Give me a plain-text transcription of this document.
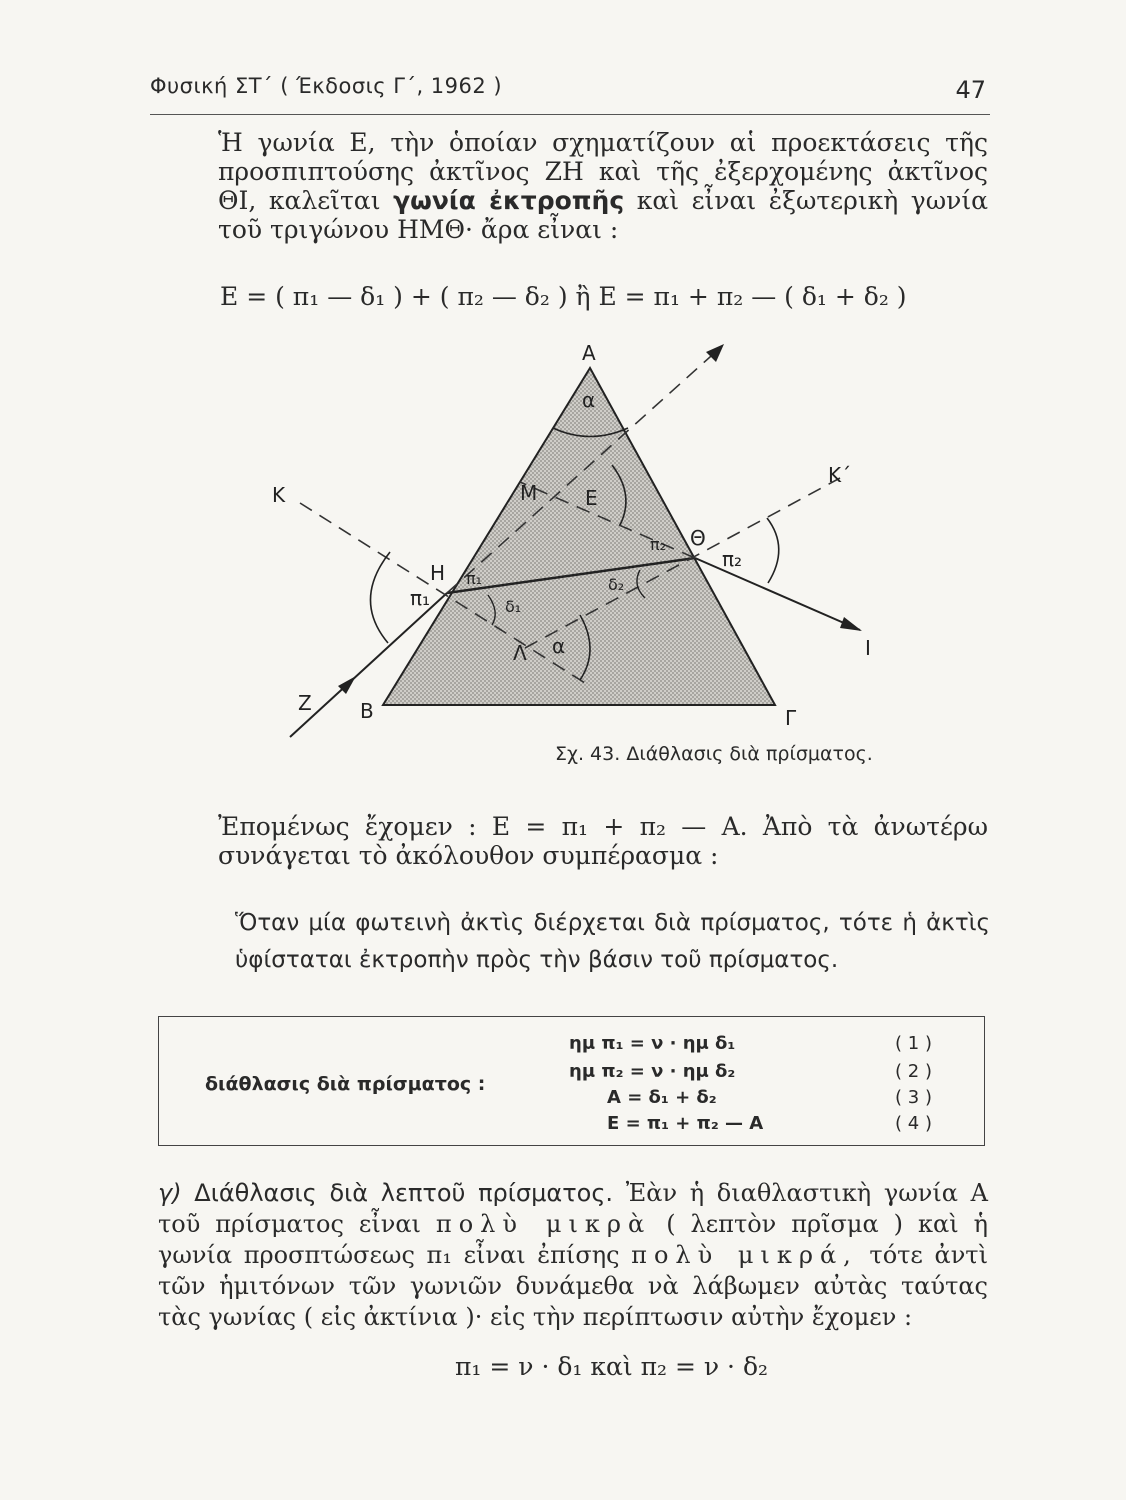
Φυσική ΣΤ΄ ( Έκδοσις Γ΄, 1962 )	47
Ἡ γωνία Ε, τὴν ὁποίαν σχηματίζουν αἱ προεκτάσεις τῆς προσπιπτούσης ἀκτῖνος ΖΗ καὶ τῆς ἐξερχομένης ἀκτῖνος ΘΙ, καλεῖται γωνία ἐκτροπῆς καὶ εἶναι ἐξωτερικὴ γωνία τοῦ τριγώνου ΗΜΘ· ἄρα εἶναι :
Ε = ( π₁ — δ₁ ) + ( π₂ — δ₂ ) ἢ Ε = π₁ + π₂ — ( δ₁ + δ₂ )
Α
Β	Γ
Η
Θ
Μ
Λ
Ε
Κ
Κ΄
Ζ
Ι
α
α
π₁
π₂
δ₁
δ₂
π₁
π₂
Σχ. 43. Διάθλασις διὰ πρίσματος.
Ἐπομένως ἔχομεν : Ε = π₁ + π₂ — Α. Ἀπὸ τὰ ἀνωτέρω συνάγεται τὸ ἀκόλουθον συμπέρασμα :
Ὅταν μία φωτεινὴ ἀκτὶς διέρχεται διὰ πρίσματος, τότε ἡ ἀκτὶς ὑφίσταται ἐκτροπὴν πρὸς τὴν βάσιν τοῦ πρίσματος.
διάθλασις διὰ πρίσματος :
ημ π₁ = ν · ημ δ₁	( 1 )
ημ π₂ = ν · ημ δ₂	( 2 )
Α = δ₁ + δ₂	( 3 )
Ε = π₁ + π₂ — Α	( 4 )
γ) Διάθλασις διὰ λεπτοῦ πρίσματος. Ἐὰν ἡ διαθλαστικὴ γωνία Α τοῦ πρίσματος εἶναι πολὺ μικρὰ ( λεπτὸν πρῖσμα ) καὶ ἡ γωνία προσπτώσεως π₁ εἶναι ἐπίσης πολὺ μικρά, τότε ἀντὶ τῶν ἡμιτόνων τῶν γωνιῶν δυνάμεθα νὰ λάβωμεν αὐτὰς ταύτας τὰς γωνίας ( εἰς ἀκτίνια )· εἰς τὴν περίπτωσιν αὐτὴν ἔχομεν :
π₁ = ν · δ₁ καὶ π₂ = ν · δ₂
